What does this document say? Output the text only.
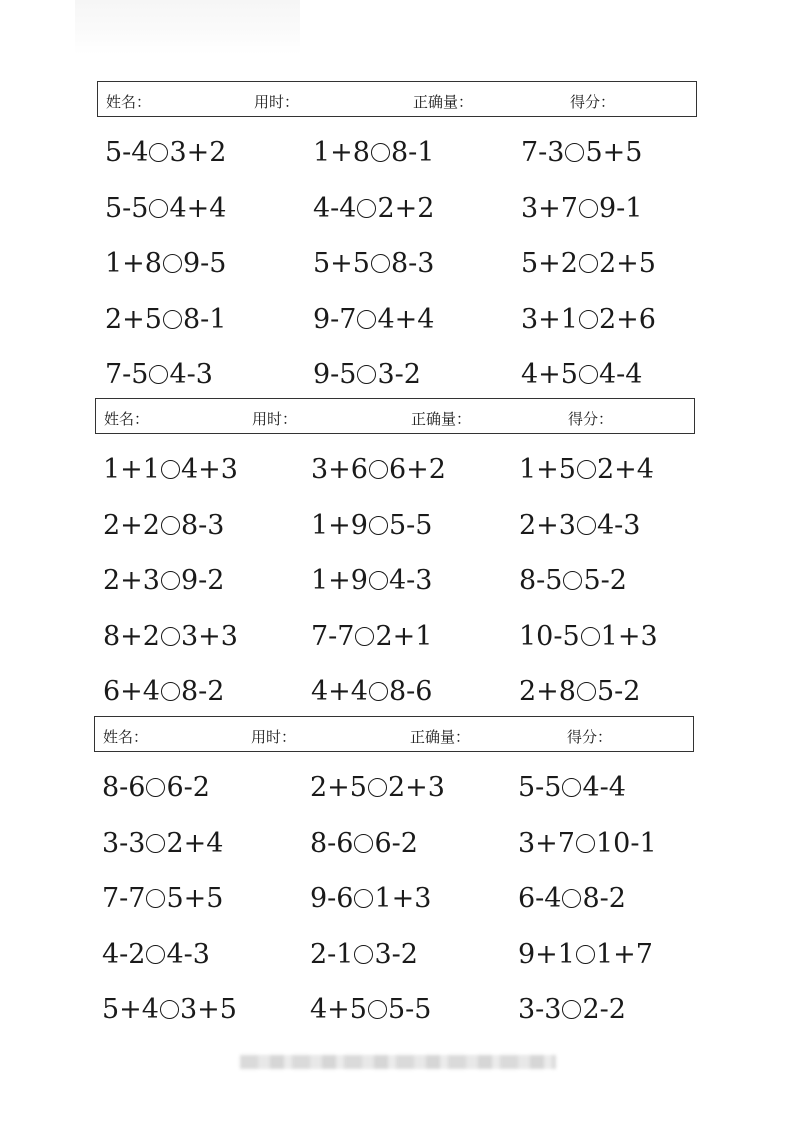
姓名：	用时：	正确量：	得分：
5-4 3+2	1+8 8-1	7-3 5+5
5-5 4+4	4-4 2+2	3+7 9-1
1+8 9-5	5+5 8-3	5+2 2+5
2+5 8-1	9-7 4+4	3+1 2+6
7-5 4-3	9-5 3-2	4+5 4-4
姓名：	用时：	正确量：	得分：
1+1 4+3	3+6 6+2	1+5 2+4
2+2 8-3	1+9 5-5	2+3 4-3
2+3 9-2	1+9 4-3	8-5 5-2
8+2 3+3	7-7 2+1	10-5 1+3
6+4 8-2	4+4 8-6	2+8 5-2
姓名：	用时：	正确量：	得分：
8-6 6-2	2+5 2+3	5-5 4-4
3-3 2+4	8-6 6-2	3+7 10-1
7-7 5+5	9-6 1+3	6-4 8-2
4-2 4-3	2-1 3-2	9+1 1+7
5+4 3+5	4+5 5-5	3-3 2-2
